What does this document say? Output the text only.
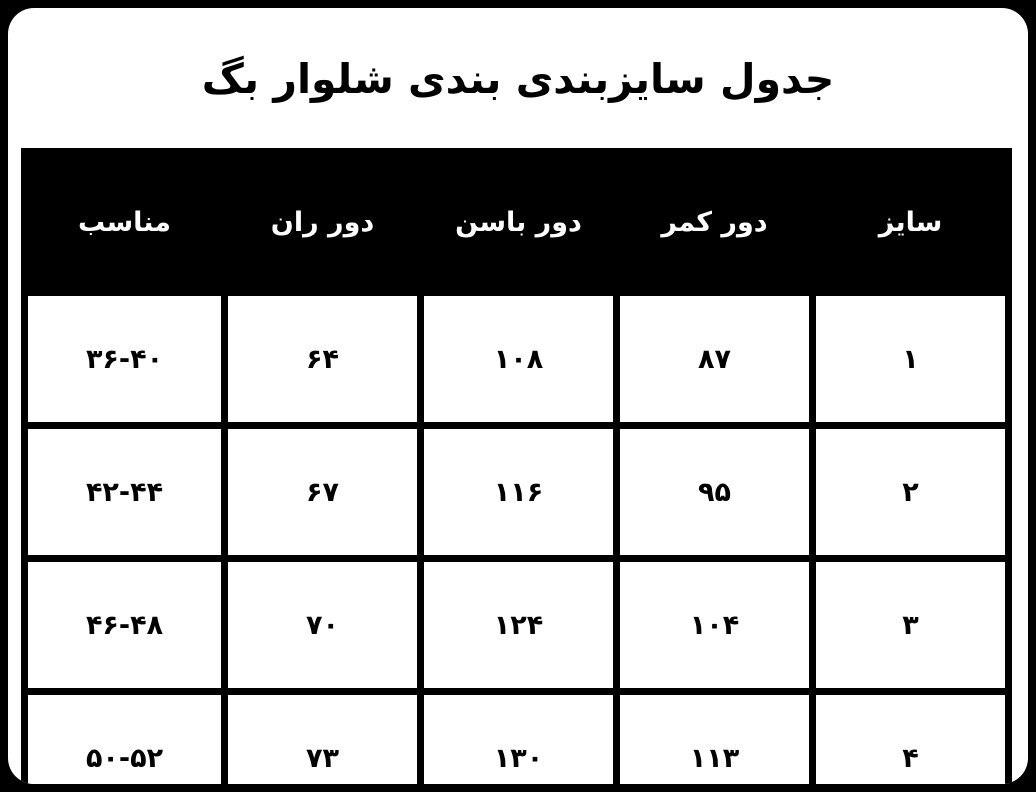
جدول سایزبندی بندی شلوار بگ
سایز	دور کمر	دور باسن	دور ران	مناسب
۱	۸۷	۱۰۸	۶۴	۳۶-۴۰
۲	۹۵	۱۱۶	۶۷	۴۲-۴۴
۳	۱۰۴	۱۲۴	۷۰	۴۶-۴۸
۴	۱۱۳	۱۳۰	۷۳	۵۰-۵۲
